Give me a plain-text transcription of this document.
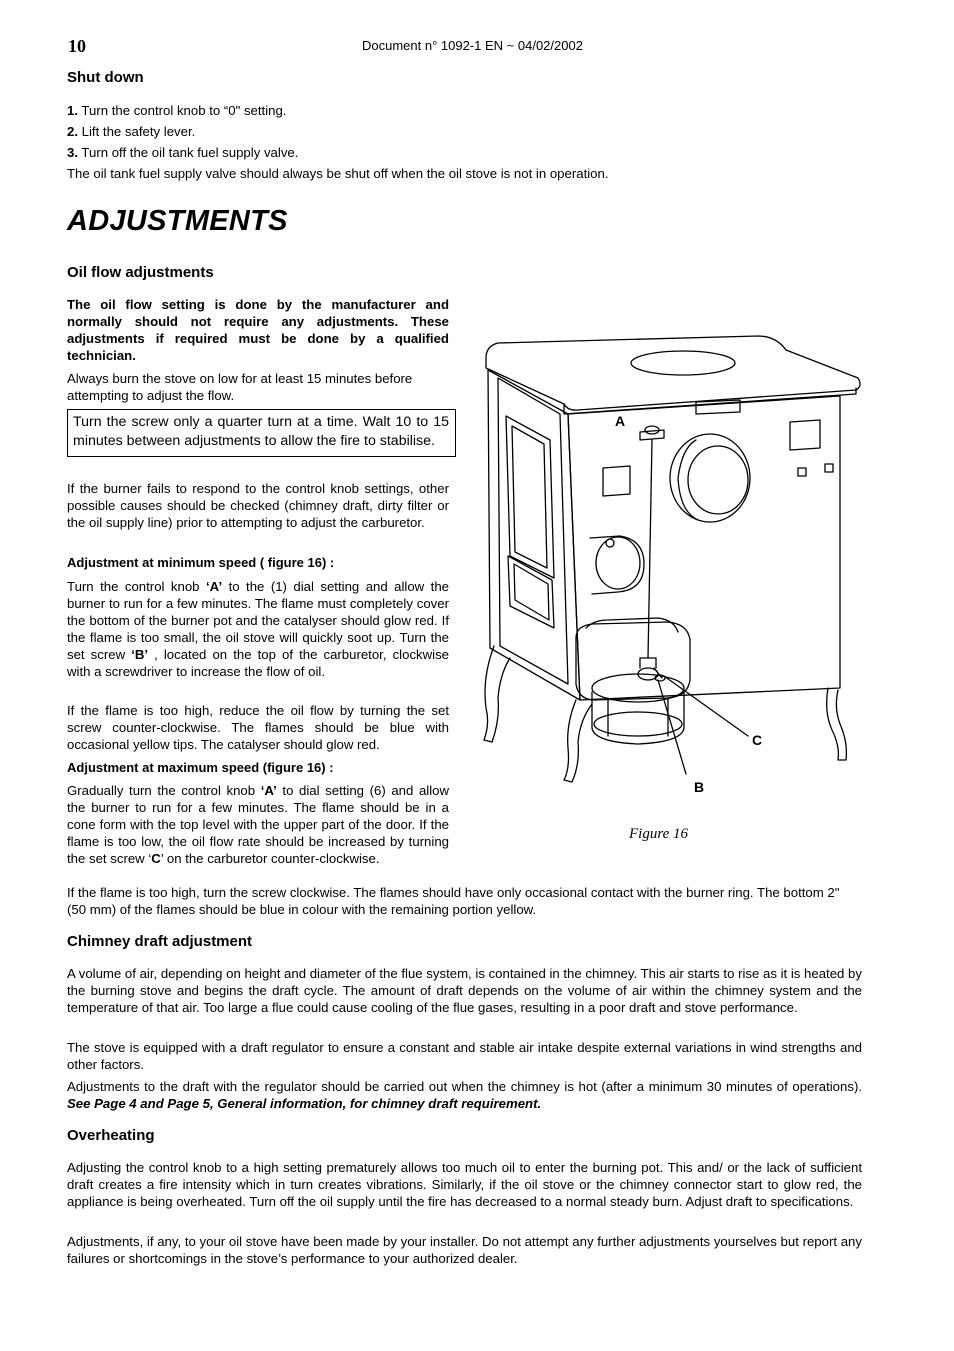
10	Document n° 1092-1 EN ~ 04/02/2002
Shut down

1. Turn the control knob to “0" setting.

2. Lift the safety lever.

3. Turn off the oil tank fuel supply valve.

The oil tank fuel supply valve should always be shut off when the oil stove is not in operation.

ADJUSTMENTS
Oil flow adjustments

The oil flow setting is done by the manufacturer and normally should not require any adjustments. These adjustments if required must be done by a qualified technician.

Always burn the stove on low for at least 15 minutes before attempting to adjust the flow.

Turn the screw only a quarter turn at a time. Walt 10 to 15 minutes between adjustments to allow the fire to stabilise.

If the burner fails to respond to the control knob settings, other possible causes should be checked (chimney draft, dirty filter or the oil supply line) prior to attempting to adjust the carburetor.

Adjustment at minimum speed ( figure 16) :

Turn the control knob ‘A’ to the (1) dial setting and allow the burner to run for a few minutes. The flame must completely cover the bottom of the burner pot and the catalyser should glow red. If the flame is too small, the oil stove will quickly soot up. Turn the set screw ‘B’ , located on the top of the carburetor, clockwise with a screwdriver to increase the flow of oil.

If the flame is too high, reduce the oil flow by turning the set screw counter-clockwise. The flames should be blue with occasional yellow tips. The catalyser should glow red.

Adjustment at maximum speed (figure 16) :

Gradually turn the control knob ‘A’ to dial setting (6) and allow the burner to run for a few minutes. The flame should be in a cone form with the top level with the upper part of the door. If the flame is too low, the oil flow rate should be increased by turning the set screw ‘C’ on the carburetor counter-clockwise.

If the flame is too high, turn the screw clockwise. The flames should have only occasional contact with the burner ring. The bottom 2" (50 mm) of the flames should be blue in colour with the remaining portion yellow.

A
C
B
Figure 16
Chimney draft adjustment

A volume of air, depending on height and diameter of the flue system, is contained in the chimney. This air starts to rise as it is heated by the burning stove and begins the draft cycle. The amount of draft depends on the volume of air within the chimney system and the temperature of that air. Too large a flue could cause cooling of the flue gases, resulting in a poor draft and stove performance.

The stove is equipped with a draft regulator to ensure a constant and stable air intake despite external variations in wind strengths and other factors.

Adjustments to the draft with the regulator should be carried out when the chimney is hot (after a minimum 30 minutes of operations). See Page 4 and Page 5, General information, for chimney draft requirement.

Overheating

Adjusting the control knob to a high setting prematurely allows too much oil to enter the burning pot. This and/ or the lack of sufficient draft creates a fire intensity which in turn creates vibrations. Similarly, if the oil stove or the chimney connector start to glow red, the appliance is being overheated. Turn off the oil supply until the fire has decreased to a normal steady burn. Adjust draft to specifications.

Adjustments, if any, to your oil stove have been made by your installer. Do not attempt any further adjustments yourselves but report any failures or shortcomings in the stove’s performance to your authorized dealer.
